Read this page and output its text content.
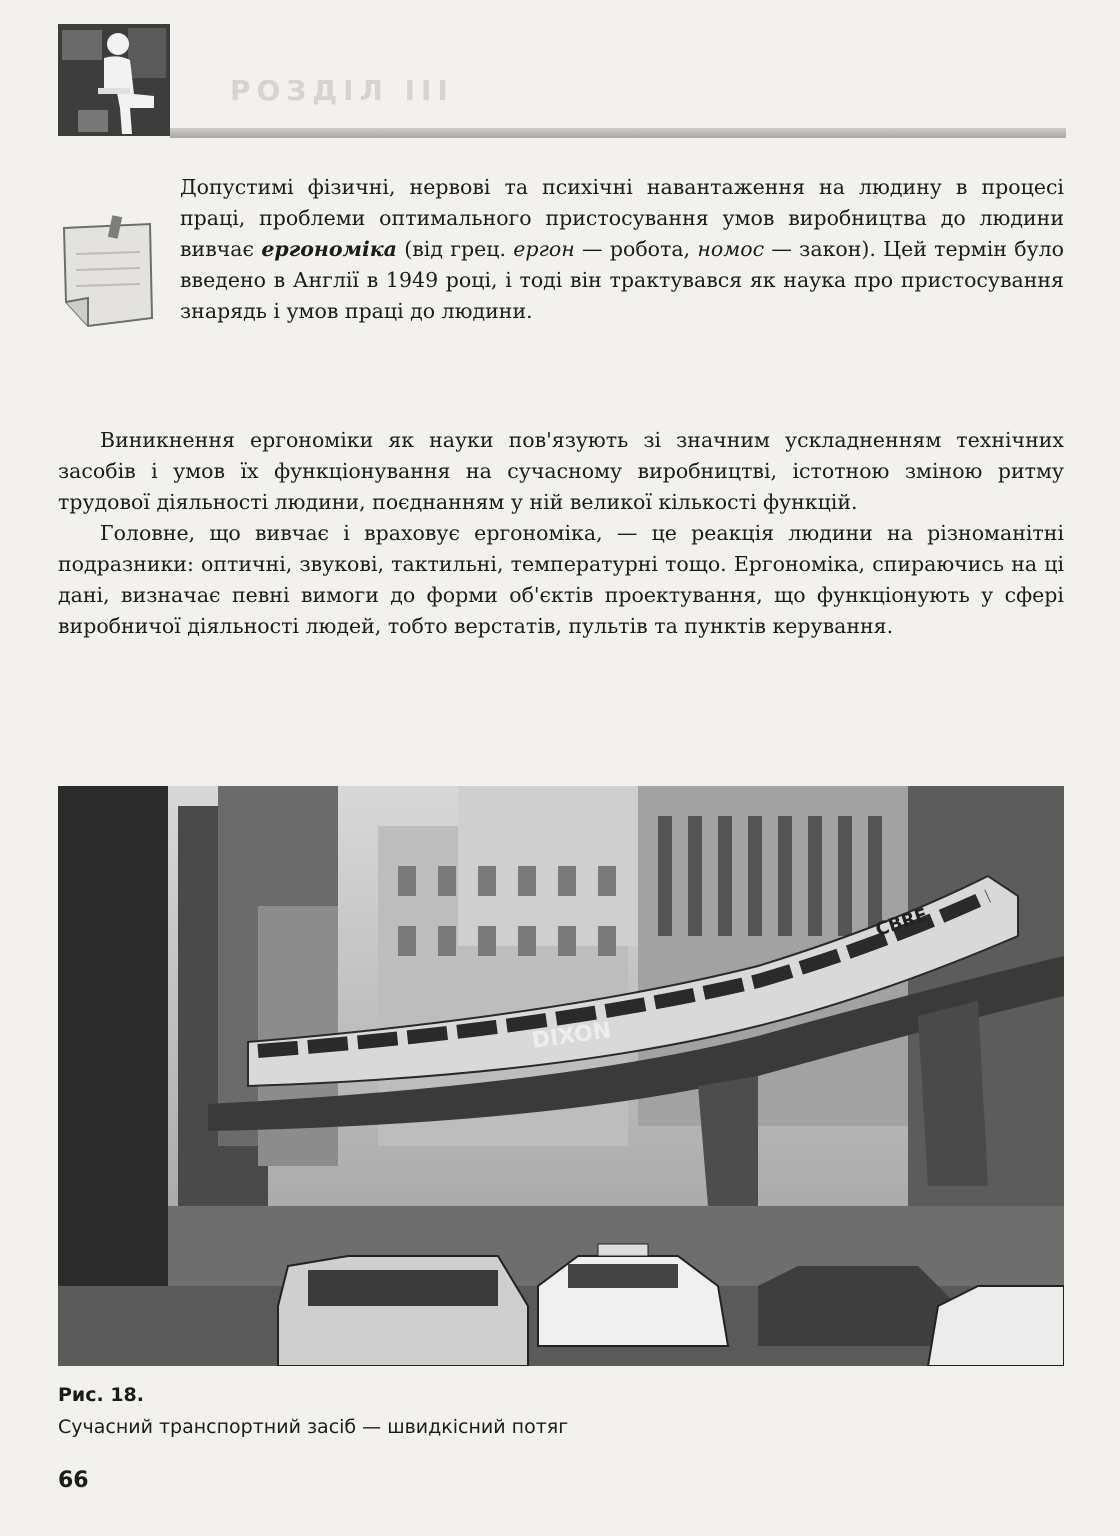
РОЗДІЛ ІІІ

Допустимі фізичні, нервові та психічні навантаження на людину в процесі праці, проблеми оптимального пристосування умов виробництва до людини вивчає ергономіка (від грец. ергон — робота, номос — закон). Цей термін було введено в Англії в 1949 році, і тоді він трактувався як наука про пристосування знарядь і умов праці до людини.

Виникнення ергономіки як науки пов'язують зі значним ускладненням технічних засобів і умов їх функціонування на сучасному виробництві, істотною зміною ритму трудової діяльності людини, поєднанням у ній великої кількості функцій.

Головне, що вивчає і враховує ергономіка, — це реакція людини на різноманітні подразники: оптичні, звукові, тактильні, температурні тощо. Ергономіка, спираючись на ці дані, визначає певні вимоги до форми об'єктів проектування, що функціонують у сфері виробничої діяльності людей, тобто верстатів, пультів та пунктів керування.

DIXON
CBRE
Рис. 18.
Сучасний транспортний засіб — швидкісний потяг
66
